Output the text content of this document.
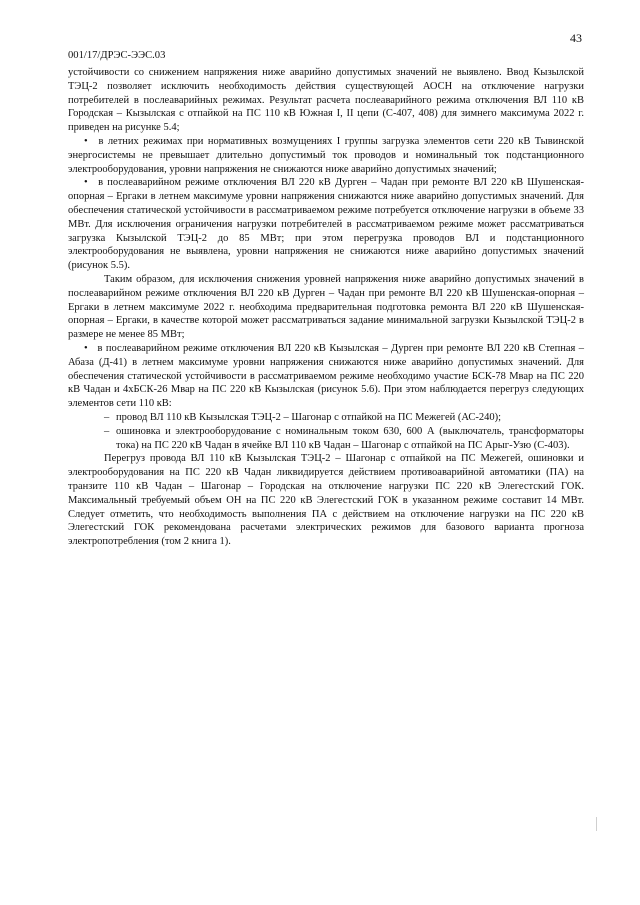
43
001/17/ДРЭС-ЭЭС.03

устойчивости со снижением напряжения ниже аварийно допустимых значений не выявлено. Ввод Кызылской ТЭЦ-2 позволяет исключить необходимость действия существующей АОСН на отключение нагрузки потребителей в послеаварийных режимах. Результат расчета послеаварийного режима отключения ВЛ 110 кВ Городская – Кызылская с отпайкой на ПС 110 кВ Южная I, II цепи (С-407, 408) для зимнего максимума 2022 г. приведен на рисунке 5.4;

• в летних режимах при нормативных возмущениях I группы загрузка элементов сети 220 кВ Тывинской энергосистемы не превышает длительно допустимый ток проводов и номинальный ток подстанционного электрооборудования, уровни напряжения не снижаются ниже аварийно допустимых значений;

• в послеаварийном режиме отключения ВЛ 220 кВ Дурген – Чадан при ремонте ВЛ 220 кВ Шушенская-опорная – Ергаки в летнем максимуме уровни напряжения снижаются ниже аварийно допустимых значений. Для обеспечения статической устойчивости в рассматриваемом режиме потребуется отключение нагрузки в объеме 33 МВт. Для исключения ограничения нагрузки потребителей в рассматриваемом режиме может рассматриваться загрузка Кызылской ТЭЦ-2 до 85 МВт; при этом перегрузка проводов ВЛ и подстанционного электрооборудования не выявлена, уровни напряжения не снижаются ниже аварийно допустимых значений (рисунок 5.5).

Таким образом, для исключения снижения уровней напряжения ниже аварийно допустимых значений в послеаварийном режиме отключения ВЛ 220 кВ Дурген – Чадан при ремонте ВЛ 220 кВ Шушенская-опорная – Ергаки в летнем максимуме 2022 г. необходима предварительная подготовка ремонта ВЛ 220 кВ Шушенская-опорная – Ергаки, в качестве которой может рассматриваться задание минимальной загрузки Кызылской ТЭЦ-2 в размере не менее 85 МВт;

• в послеаварийном режиме отключения ВЛ 220 кВ Кызылская – Дурген при ремонте ВЛ 220 кВ Степная – Абаза (Д-41) в летнем максимуме уровни напряжения снижаются ниже аварийно допустимых значений. Для обеспечения статической устойчивости в рассматриваемом режиме необходимо участие БСК-78 Мвар на ПС 220 кВ Чадан и 4хБСК-26 Мвар на ПС 220 кВ Кызылская (рисунок 5.6). При этом наблюдается перегруз следующих элементов сети 110 кВ:

– провод ВЛ 110 кВ Кызылская ТЭЦ-2 – Шагонар с отпайкой на ПС Межегей (АС-240);
– ошиновка и электрооборудование с номинальным током 630, 600 А (выключатель, трансформаторы тока) на ПС 220 кВ Чадан в ячейке ВЛ 110 кВ Чадан – Шагонар с отпайкой на ПС Арыг-Узю (С-403).

Перегруз провода ВЛ 110 кВ Кызылская ТЭЦ-2 – Шагонар с отпайкой на ПС Межегей, ошиновки и электрооборудования на ПС 220 кВ Чадан ликвидируется действием противоаварийной автоматики (ПА) на транзите 110 кВ Чадан – Шагонар – Городская на отключение нагрузки ПС 220 кВ Элегестский ГОК. Максимальный требуемый объем ОН на ПС 220 кВ Элегестский ГОК в указанном режиме составит 14 МВт. Следует отметить, что необходимость выполнения ПА с действием на отключение нагрузки на ПС 220 кВ Элегестский ГОК рекомендована расчетами электрических режимов для базового варианта прогноза электропотребления (том 2 книга 1).
